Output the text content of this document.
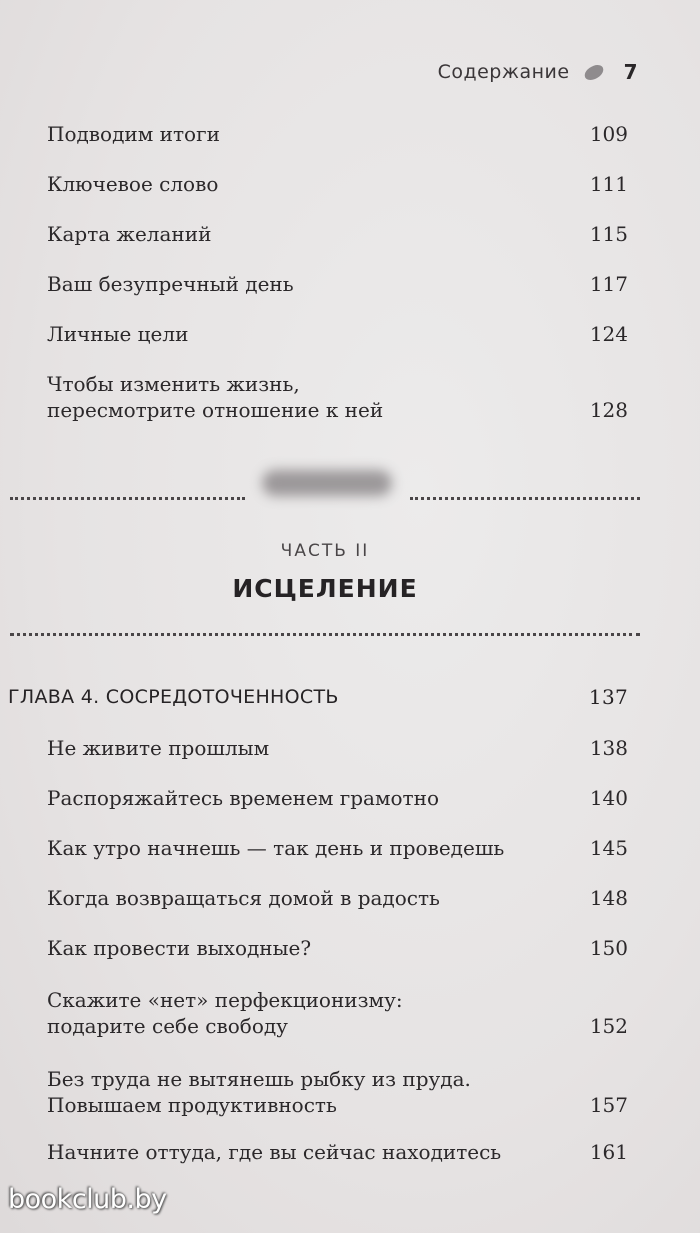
Содержание	7
Подводим итоги	109
Ключевое слово	111
Карта желаний	115
Ваш безупречный день	117
Личные цели	124
Чтобы изменить жизнь,
пересмотрите отношение к ней	128
ЧАСТЬ II
ИСЦЕЛЕНИЕ
ГЛАВА 4. СОСРЕДОТОЧЕННОСТЬ	137
Не живите прошлым	138
Распоряжайтесь временем грамотно	140
Как утро начнешь — так день и проведешь	145
Когда возвращаться домой в радость	148
Как провести выходные?	150
Скажите «нет» перфекционизму:
подарите себе свободу	152
Без труда не вытянешь рыбку из пруда.
Повышаем продуктивность	157
Начните оттуда, где вы сейчас находитесь	161
bookclub.by
